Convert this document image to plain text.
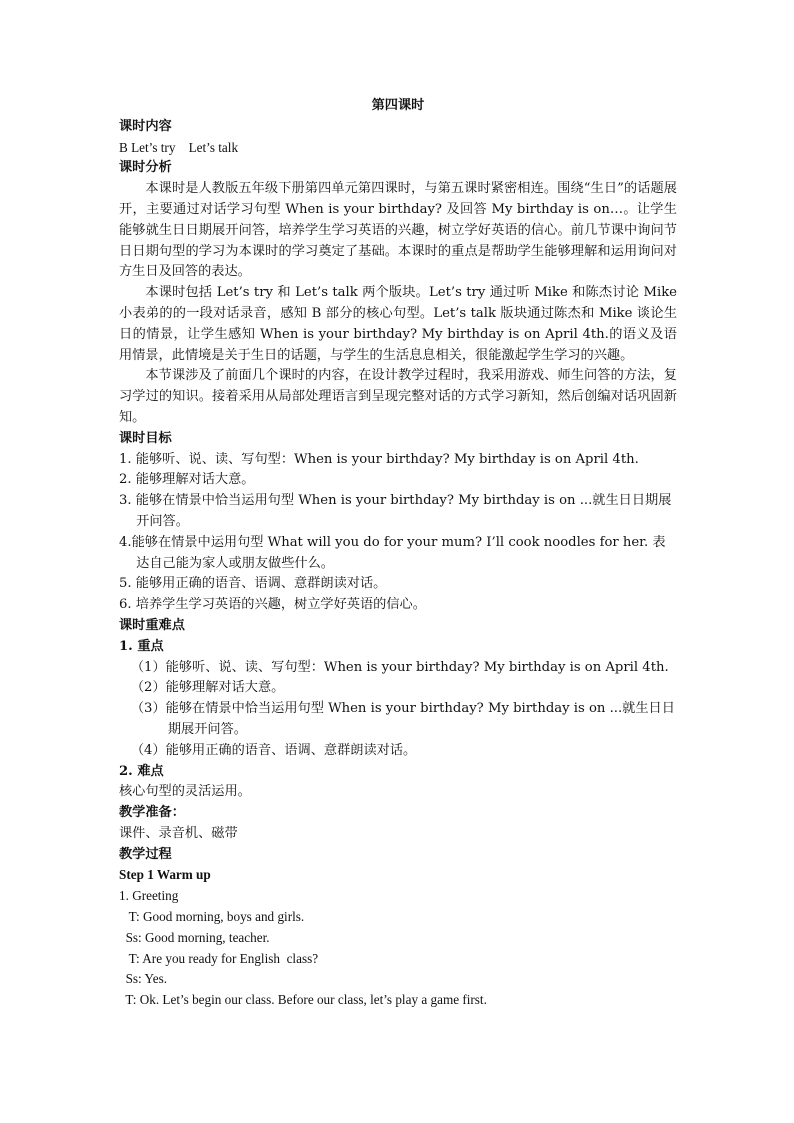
第四课时
课时内容
B Let’s try    Let’s talk
课时分析
本课时是人教版五年级下册第四单元第四课时，与第五课时紧密相连。围绕“生日”的话题展开，主要通过对话学习句型 When is your birthday? 及回答 My birthday is on…。让学生能够就生日日期展开问答，培养学生学习英语的兴趣，树立学好英语的信心。前几节课中询问节日日期句型的学习为本课时的学习奠定了基础。本课时的重点是帮助学生能够理解和运用询问对方生日及回答的表达。
本课时包括 Let’s try 和 Let’s talk 两个版块。Let’s try 通过听 Mike 和陈杰讨论 Mike 小表弟的的一段对话录音，感知 B 部分的核心句型。Let’s talk 版块通过陈杰和 Mike 谈论生日的情景，让学生感知 When is your birthday? My birthday is on April 4th.的语义及语用情景，此情境是关于生日的话题，与学生的生活息息相关，很能激起学生学习的兴趣。
本节课涉及了前面几个课时的内容，在设计教学过程时，我采用游戏、师生问答的方法，复习学过的知识。接着采用从局部处理语言到呈现完整对话的方式学习新知，然后创编对话巩固新知。
课时目标
1. 能够听、说、读、写句型：When is your birthday? My birthday is on April 4th.
2. 能够理解对话大意。
3. 能够在情景中恰当运用句型 When is your birthday? My birthday is on ...就生日日期展开问答。
4.能够在情景中运用句型 What will you do for your mum? I’ll cook noodles for her. 表达自己能为家人或朋友做些什么。
5. 能够用正确的语音、语调、意群朗读对话。
6. 培养学生学习英语的兴趣，树立学好英语的信心。
课时重难点
1. 重点
（1）能够听、说、读、写句型：When is your birthday? My birthday is on April 4th.
（2）能够理解对话大意。
（3）能够在情景中恰当运用句型 When is your birthday? My birthday is on ...就生日日期展开问答。
（4）能够用正确的语音、语调、意群朗读对话。
2. 难点
核心句型的灵活运用。
教学准备：
课件、录音机、磁带
教学过程
Step 1 Warm up
1. Greeting
T: Good morning, boys and girls.
Ss: Good morning, teacher.
T: Are you ready for English  class?
Ss: Yes.
T: Ok. Let’s begin our class. Before our class, let’s play a game first.
